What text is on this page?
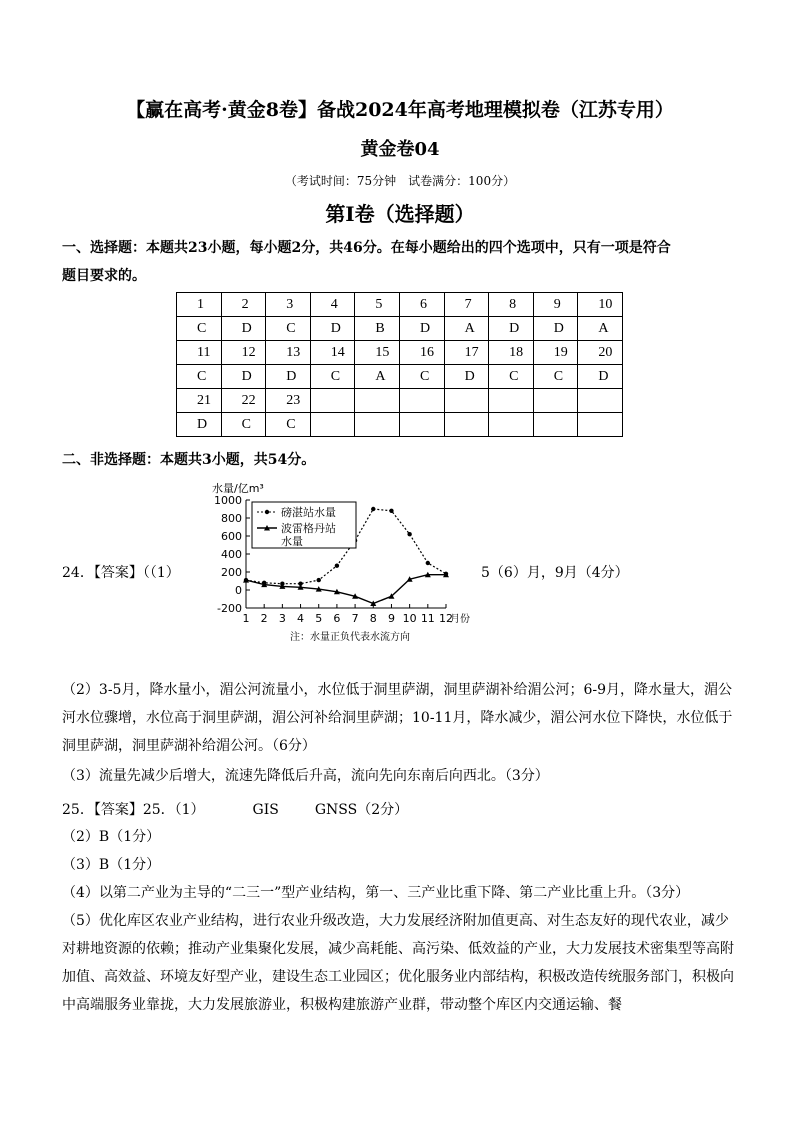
【赢在高考·黄金8卷】备战2024年高考地理模拟卷（江苏专用）
黄金卷04
（考试时间：75分钟　试卷满分：100分）
第I卷（选择题）
一、选择题：本题共23小题，每小题2分，共46分。在每小题给出的四个选项中，只有一项是符合
题目要求的。
1	2	3	4	5	6	7	8	9	10
C	D	C	D	B	D	A	D	D	A
11	12	13	14	15	16	17	18	19	20
C	D	D	C	A	C	D	C	C	D
21	22	23							
D	C	C							
二、非选择题：本题共3小题，共54分。
24．【答案】（（1）	5（6）月，9月（4分）
1000
800
600
400
200
0
-200
1 2 3 4 5 6 7 8 9 10 11 12
月份
水量/亿m³
注：水量正负代表水流方向
磅湛站水量
波雷格丹站
水量
（2）3-5月，降水量小，湄公河流量小，水位低于洞里萨湖，洞里萨湖补给湄公河；6-9月，降水量大，湄公河水位骤增，水位高于洞里萨湖，湄公河补给洞里萨湖；10-11月，降水减少，湄公河水位下降快，水位低于洞里萨湖，洞里萨湖补给湄公河。（6分）
（3）流量先减少后增大，流速先降低后升高，流向先向东南后向西北。（3分）
25．【答案】25．（1）	GIS	GNSS（2分）
（2）B（1分）
（3）B（1分）
（4）以第二产业为主导的“二三一”型产业结构，第一、三产业比重下降、第二产业比重上升。（3分）
（5）优化库区农业产业结构，进行农业升级改造，大力发展经济附加值更高、对生态友好的现代农业，减少对耕地资源的依赖；推动产业集聚化发展，减少高耗能、高污染、低效益的产业，大力发展技术密集型等高附加值、高效益、环境友好型产业，建设生态工业园区；优化服务业内部结构，积极改造传统服务部门，积极向中高端服务业靠拢，大力发展旅游业，积极构建旅游产业群，带动整个库区内交通运输、餐
